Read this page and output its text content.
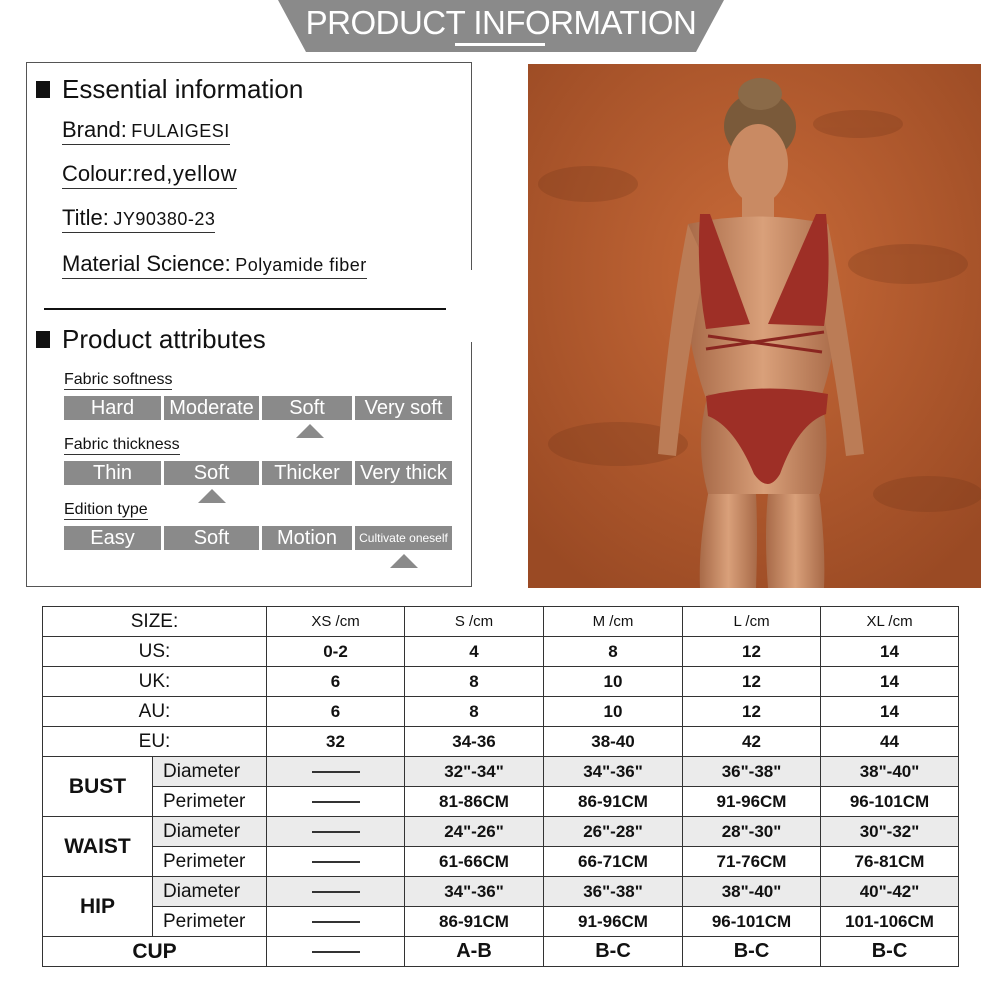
PRODUCT INFORMATION
Essential information
Brand: FULAIGESI
Colour:red,yellow
Title: JY90380-23
Material Science: Polyamide fiber
Product attributes
Fabric softness
Hard	Moderate	Soft	Very soft
Fabric thickness
Thin	Soft	Thicker	Very thick
Edition type
Easy	Soft	Motion	Cultivate oneself
SIZE:		XS /cm	S /cm	M /cm	L /cm	XL /cm
US:		0-2	4	8	12	14
UK:		6	8	10	12	14
AU:		6	8	10	12	14
EU:		32	34-36	38-40	42	44
BUST	Diameter		32"-34"	34"-36"	36"-38"	38"-40"
	Perimeter		81-86CM	86-91CM	91-96CM	96-101CM
WAIST	Diameter		24"-26"	26"-28"	28"-30"	30"-32"
	Perimeter		61-66CM	66-71CM	71-76CM	76-81CM
HIP	Diameter		34"-36"	36"-38"	38"-40"	40"-42"
	Perimeter		86-91CM	91-96CM	96-101CM	101-106CM
CUP			A-B	B-C	B-C	B-C
